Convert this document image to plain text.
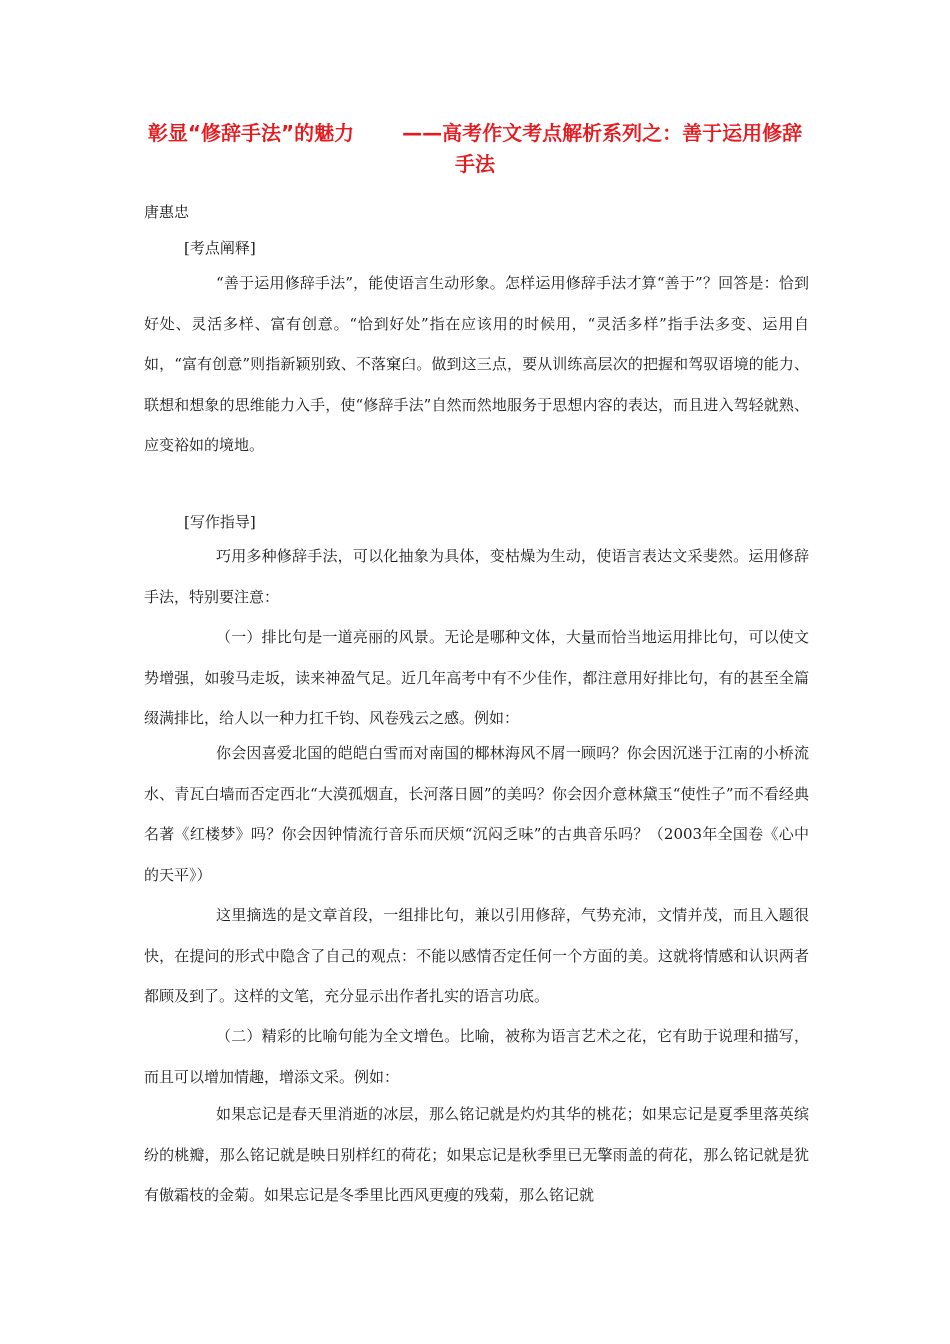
彰显“修辞手法”的魅力 ——高考作文考点解析系列之：善于运用修辞手法
唐惠忠
[考点阐释]
“善于运用修辞手法”，能使语言生动形象。怎样运用修辞手法才算“善于”？回答是：恰到好处、灵活多样、富有创意。“恰到好处”指在应该用的时候用，“灵活多样”指手法多变、运用自如，“富有创意”则指新颖别致、不落窠臼。做到这三点，要从训练高层次的把握和驾驭语境的能力、联想和想象的思维能力入手，使“修辞手法”自然而然地服务于思想内容的表达，而且进入驾轻就熟、应变裕如的境地。
[写作指导]
巧用多种修辞手法，可以化抽象为具体，变枯燥为生动，使语言表达文采斐然。运用修辞手法，特别要注意：
（一）排比句是一道亮丽的风景。无论是哪种文体，大量而恰当地运用排比句，可以使文势增强，如骏马走坂，读来神盈气足。近几年高考中有不少佳作，都注意用好排比句，有的甚至全篇缀满排比，给人以一种力扛千钧、风卷残云之感。例如：
你会因喜爱北国的皑皑白雪而对南国的椰林海风不屑一顾吗？你会因沉迷于江南的小桥流水、青瓦白墙而否定西北“大漠孤烟直，长河落日圆”的美吗？你会因介意林黛玉“使性子”而不看经典名著《红楼梦》吗？你会因钟情流行音乐而厌烦“沉闷乏味”的古典音乐吗？（2003年全国卷《心中的天平》）
这里摘选的是文章首段，一组排比句，兼以引用修辞，气势充沛，文情并茂，而且入题很快，在提问的形式中隐含了自己的观点：不能以感情否定任何一个方面的美。这就将情感和认识两者都顾及到了。这样的文笔，充分显示出作者扎实的语言功底。
（二）精彩的比喻句能为全文增色。比喻，被称为语言艺术之花，它有助于说理和描写，而且可以增加情趣，增添文采。例如：
如果忘记是春天里消逝的冰层，那么铭记就是灼灼其华的桃花；如果忘记是夏季里落英缤纷的桃瓣，那么铭记就是映日别样红的荷花；如果忘记是秋季里已无擎雨盖的荷花，那么铭记就是犹有傲霜枝的金菊。如果忘记是冬季里比西风更瘦的残菊，那么铭记就
